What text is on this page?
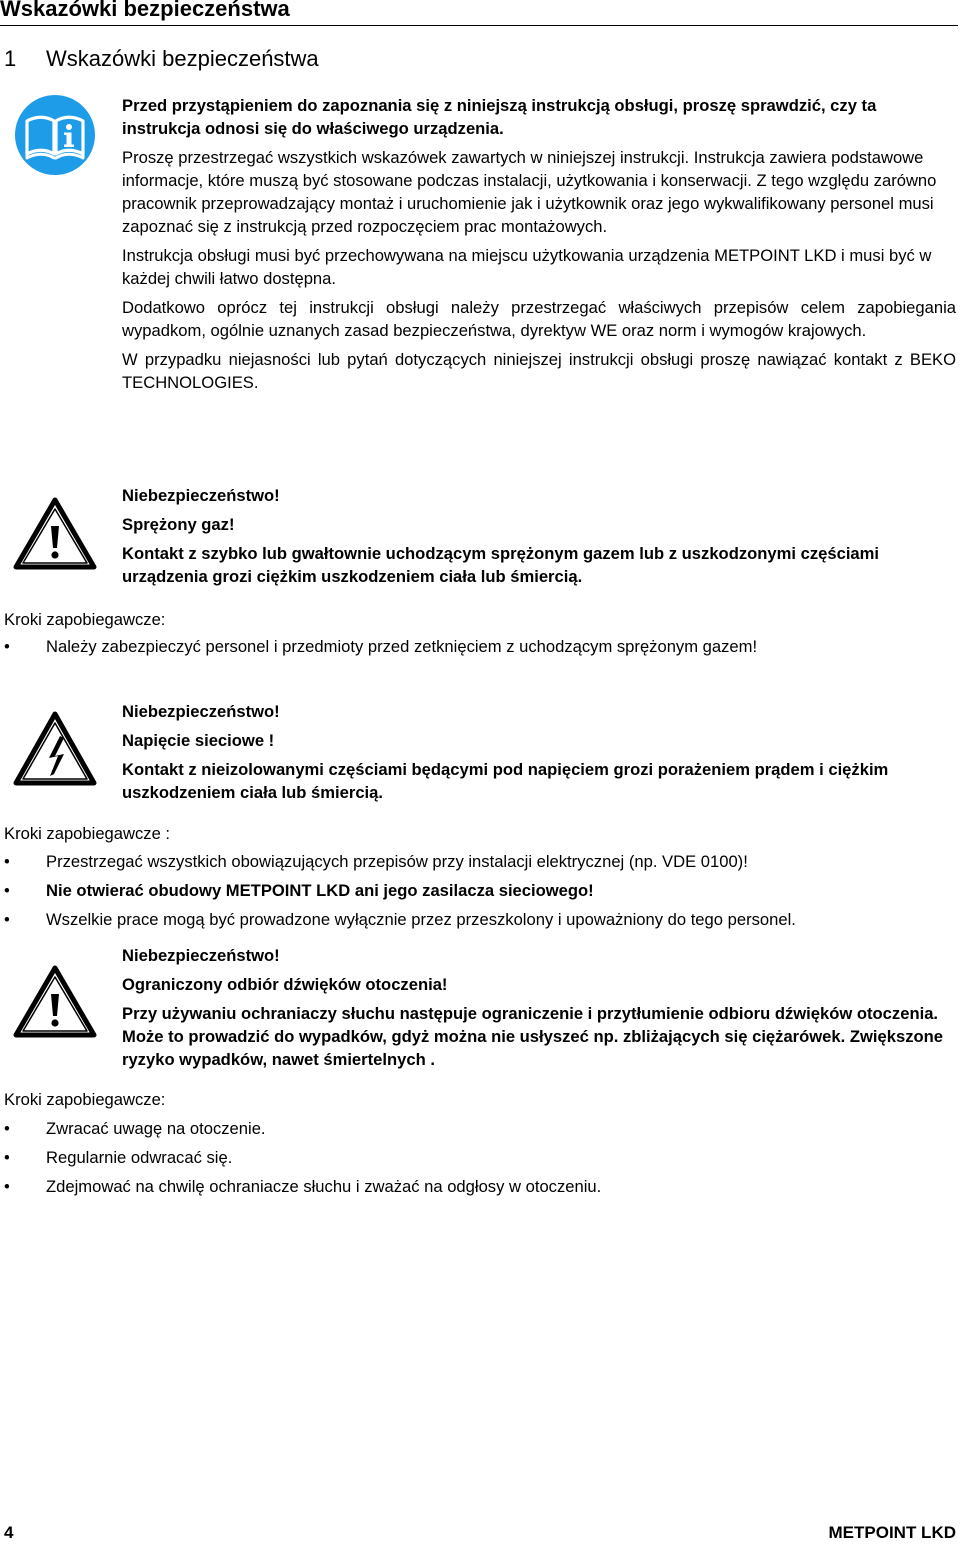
Wskazówki bezpieczeństwa
1 Wskazówki bezpieczeństwa

Przed przystąpieniem do zapoznania się z niniejszą instrukcją obsługi, proszę sprawdzić, czy ta instrukcja odnosi się do właściwego urządzenia.

Proszę przestrzegać wszystkich wskazówek zawartych w niniejszej instrukcji. Instrukcja zawiera podstawowe informacje, które muszą być stosowane podczas instalacji, użytkowania i konserwacji. Z tego względu zarówno pracownik przeprowadzający montaż i uruchomienie jak i użytkownik oraz jego wykwalifikowany personel musi zapoznać się z instrukcją przed rozpoczęciem prac montażowych.

Instrukcja obsługi musi być przechowywana na miejscu użytkowania urządzenia METPOINT LKD i musi być w każdej chwili łatwo dostępna.

Dodatkowo oprócz tej instrukcji obsługi należy przestrzegać właściwych przepisów celem zapobiegania wypadkom, ogólnie uznanych zasad bezpieczeństwa, dyrektyw WE oraz norm i wymogów krajowych.

W przypadku niejasności lub pytań dotyczących niniejszej instrukcji obsługi proszę nawiązać kontakt z BEKO TECHNOLOGIES.

Niebezpieczeństwo!
Sprężony gaz!
Kontakt z szybko lub gwałtownie uchodzącym sprężonym gazem lub z uszkodzonymi częściami urządzenia grozi ciężkim uszkodzeniem ciała lub śmiercią.
Kroki zapobiegawcze:
• Należy zabezpieczyć personel i przedmioty przed zetknięciem z uchodzącym sprężonym gazem!
Niebezpieczeństwo!
Napięcie sieciowe !
Kontakt z nieizolowanymi częściami będącymi pod napięciem grozi porażeniem prądem i ciężkim uszkodzeniem ciała lub śmiercią.
Kroki zapobiegawcze :
• Przestrzegać wszystkich obowiązujących przepisów przy instalacji elektrycznej (np. VDE 0100)!
• Nie otwierać obudowy METPOINT LKD ani jego zasilacza sieciowego!
• Wszelkie prace mogą być prowadzone wyłącznie przez przeszkolony i upoważniony do tego personel.
Niebezpieczeństwo!
Ograniczony odbiór dźwięków otoczenia!
Przy używaniu ochraniaczy słuchu następuje ograniczenie i przytłumienie odbioru dźwięków otoczenia. Może to prowadzić do wypadków, gdyż można nie usłyszeć np. zbliżających się ciężarówek. Zwiększone ryzyko wypadków, nawet śmiertelnych .
Kroki zapobiegawcze:
• Zwracać uwagę na otoczenie.
• Regularnie odwracać się.
• Zdejmować na chwilę ochraniacze słuchu i zważać na odgłosy w otoczeniu.
4	METPOINT LKD
